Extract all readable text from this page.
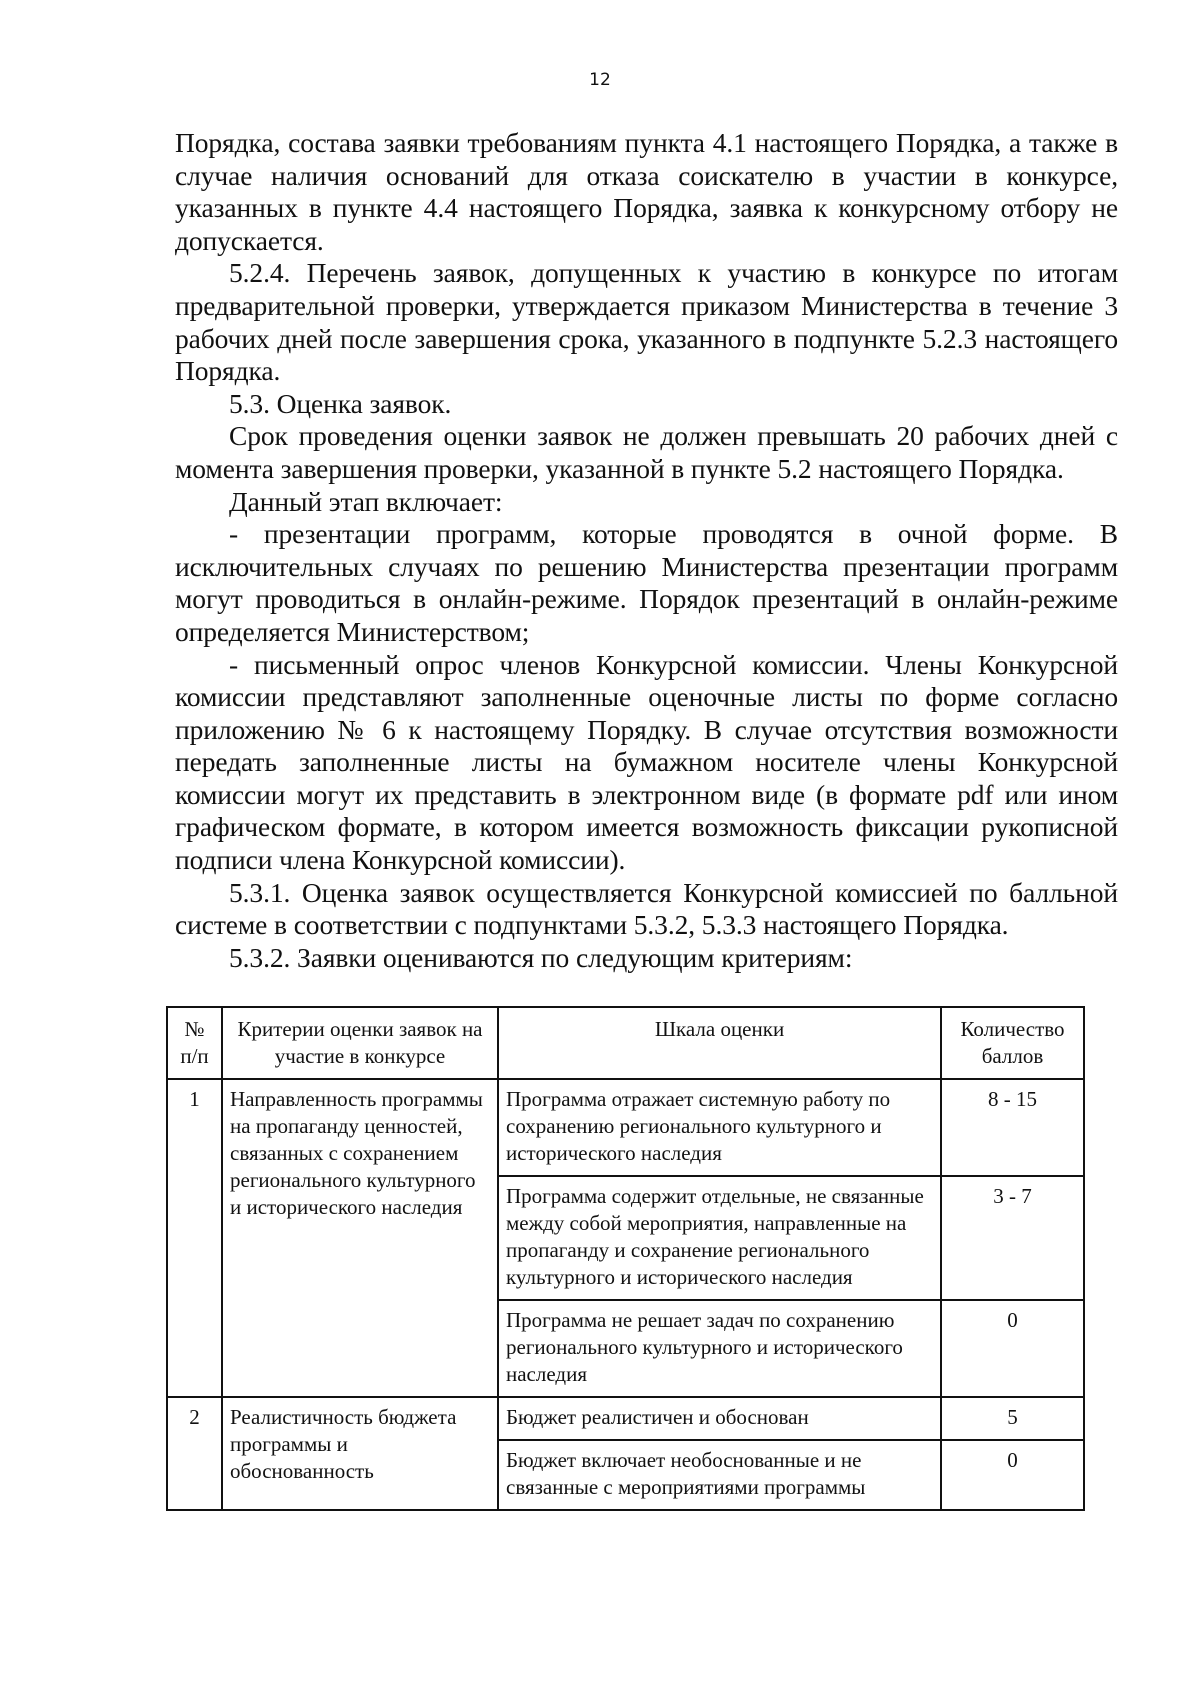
12

Порядка, состава заявки требованиям пункта 4.1 настоящего Порядка, а также в случае наличия оснований для отказа соискателю в участии в конкурсе, указанных в пункте 4.4 настоящего Порядка, заявка к конкурсному отбору не допускается.

5.2.4. Перечень заявок, допущенных к участию в конкурсе по итогам предварительной проверки, утверждается приказом Министерства в течение 3 рабочих дней после завершения срока, указанного в подпункте 5.2.3 настоящего Порядка.

5.3. Оценка заявок.

Срок проведения оценки заявок не должен превышать 20 рабочих дней с момента завершения проверки, указанной в пункте 5.2 настоящего Порядка.

Данный этап включает:

- презентации программ, которые проводятся в очной форме. В исключительных случаях по решению Министерства презентации программ могут проводиться в онлайн-режиме. Порядок презентаций в онлайн-режиме определяется Министерством;

- письменный опрос членов Конкурсной комиссии. Члены Конкурсной комиссии представляют заполненные оценочные листы по форме согласно приложению № 6 к настоящему Порядку. В случае отсутствия возможности передать заполненные листы на бумажном носителе члены Конкурсной комиссии могут их представить в электронном виде (в формате pdf или ином графическом формате, в котором имеется возможность фиксации рукописной подписи члена Конкурсной комиссии).

5.3.1. Оценка заявок осуществляется Конкурсной комиссией по балльной системе в соответствии с подпунктами 5.3.2, 5.3.3 настоящего Порядка.

5.3.2. Заявки оцениваются по следующим критериям:

№ п/п	Критерии оценки заявок на участие в конкурсе	Шкала оценки	Количество баллов
1	Направленность программы на пропаганду ценностей, связанных с сохранением регионального культурного и исторического наследия	Программа отражает системную работу по сохранению регионального культурного и исторического наследия	8 - 15
		Программа содержит отдельные, не связанные между собой мероприятия, направленные на пропаганду и сохранение регионального культурного и исторического наследия	3 - 7
		Программа не решает задач по сохранению регионального культурного и исторического наследия	0
2	Реалистичность бюджета программы и обоснованность	Бюджет реалистичен и обоснован	5
		Бюджет включает необоснованные и не связанные с мероприятиями программы	0
